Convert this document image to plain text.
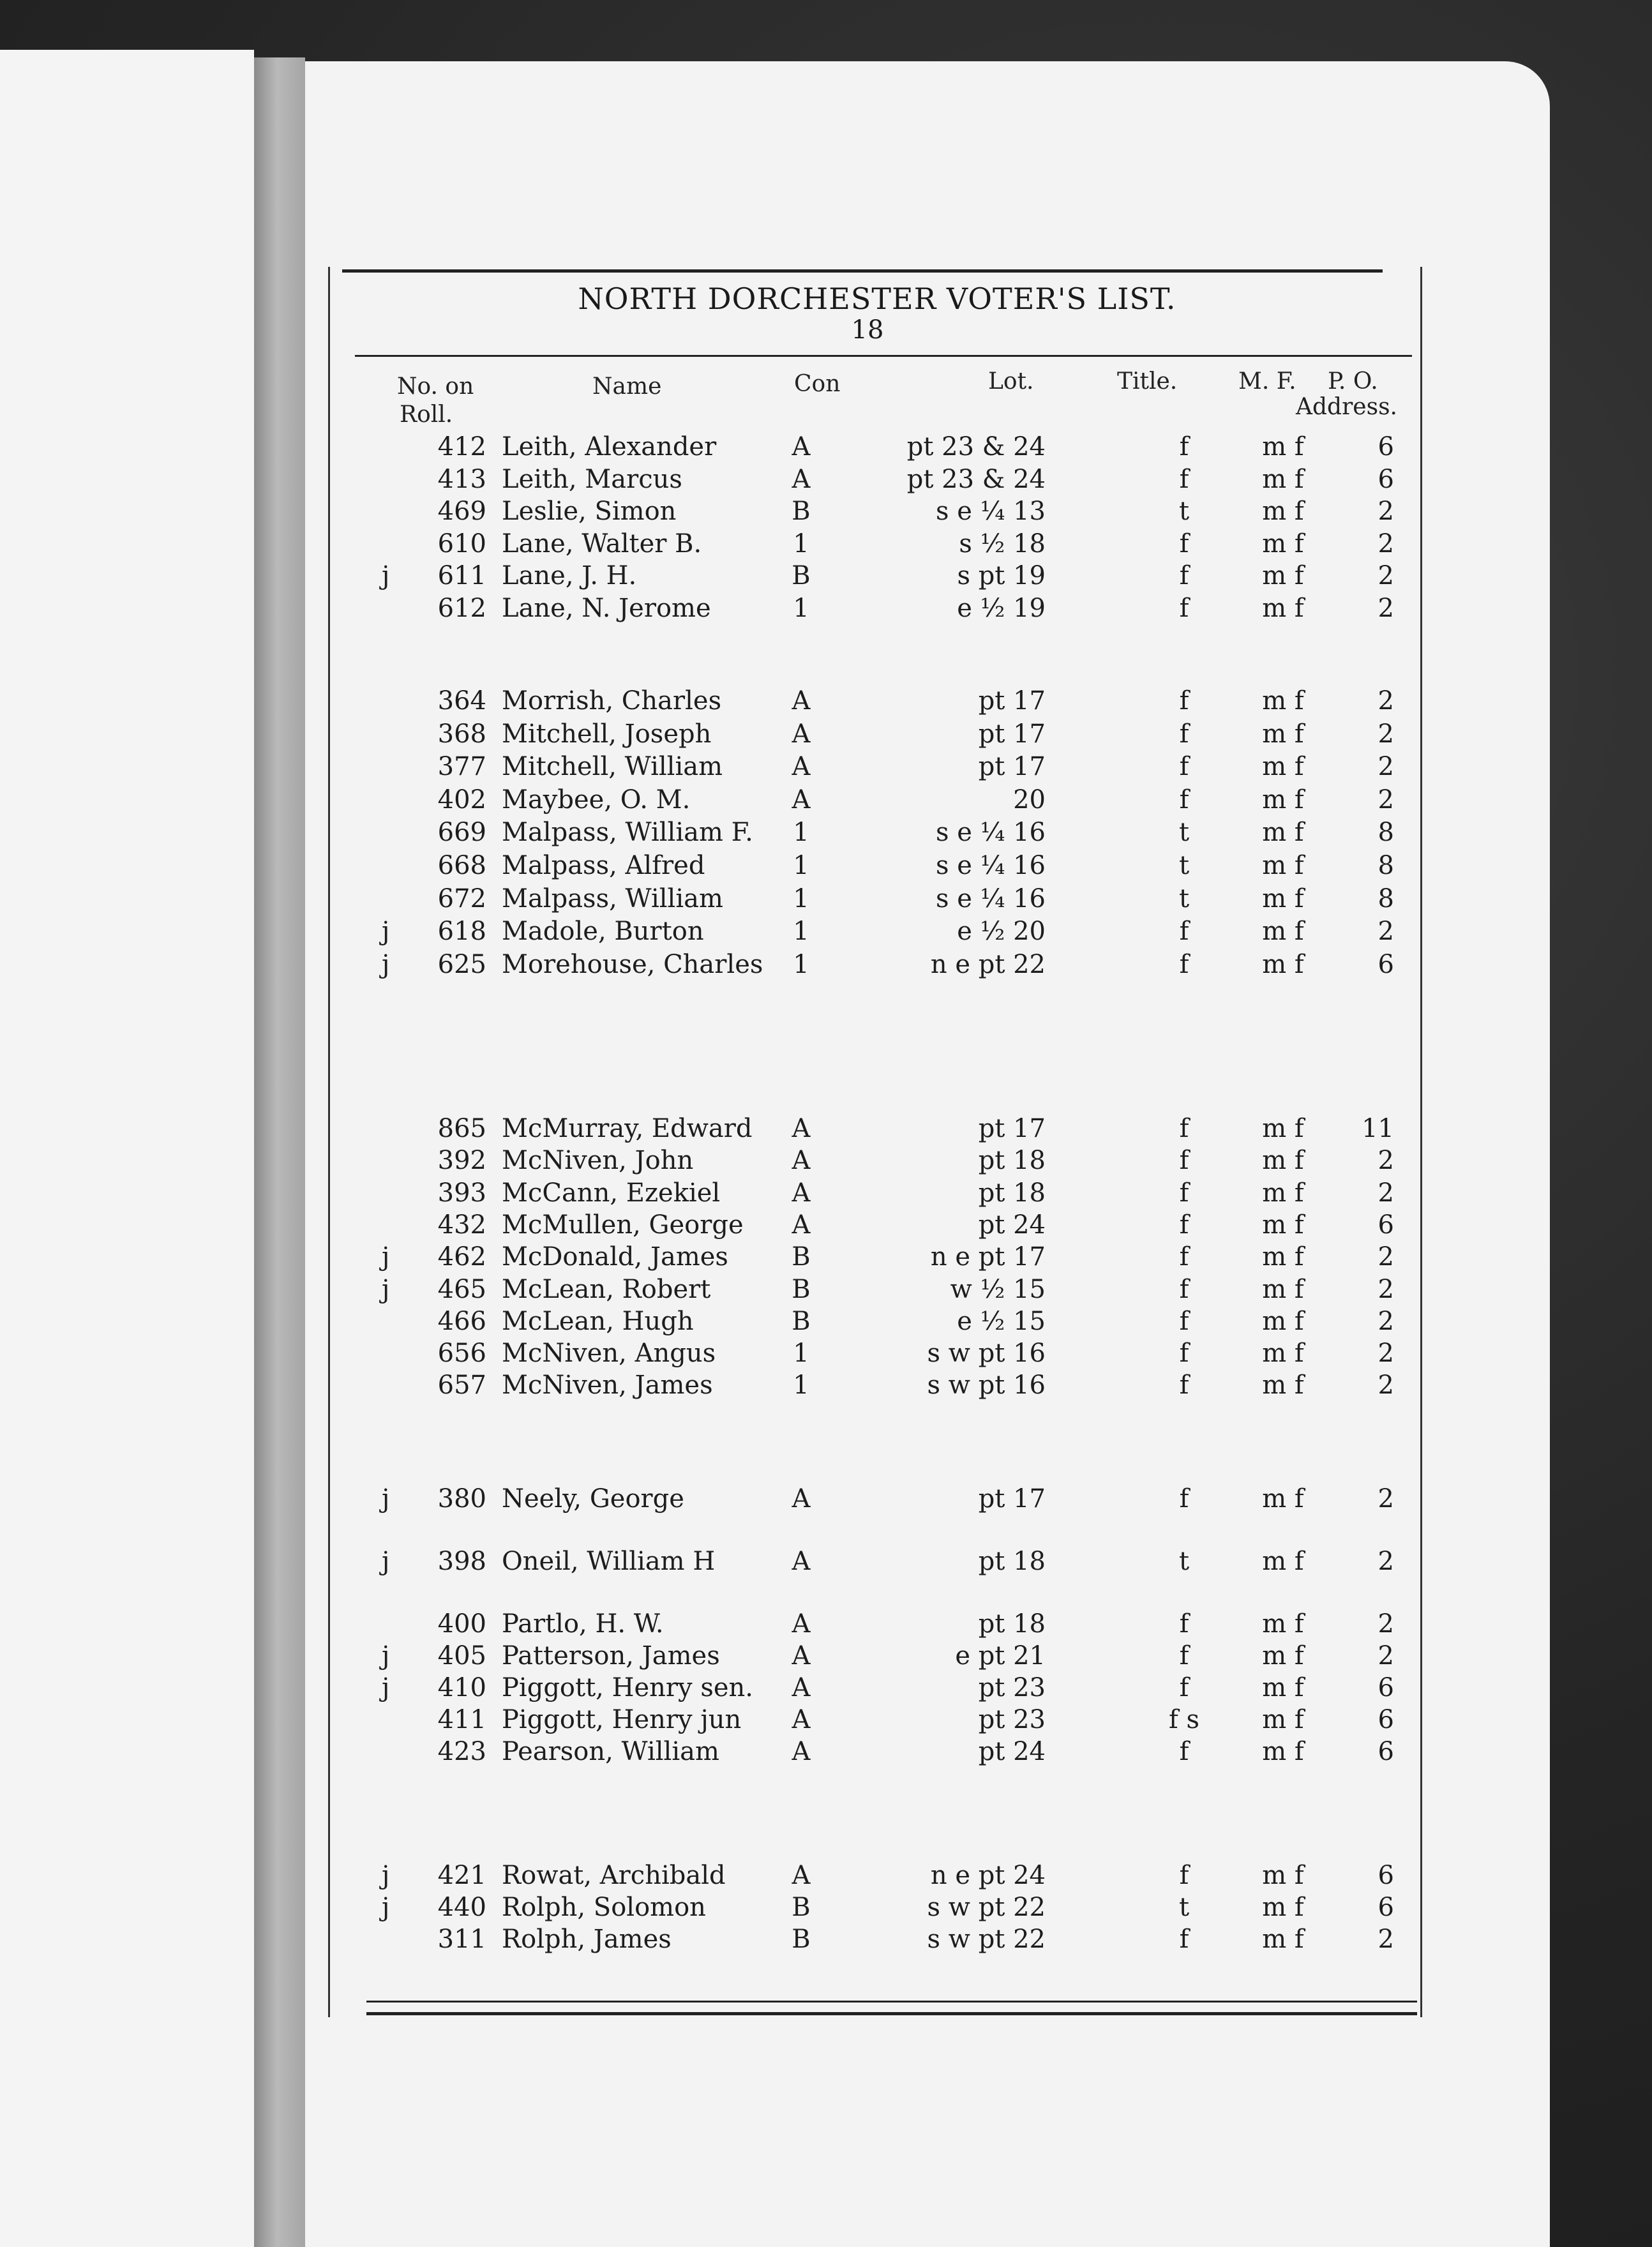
NORTH DORCHESTER VOTER'S LIST.
18
No. on
Roll.
Name	Con	Lot.	Title.	M. F. P. O.
Address.
412 Leith, Alexander	A	pt 23 & 24	f	m f	6
413 Leith, Marcus	A	pt 23 & 24	f	m f	6
469 Leslie, Simon	B	s e ¼ 13	t	m f	2
610 Lane, Walter B.	1	s ½ 18	f	m f	2
j	611 Lane, J. H.	B	s pt 19	f	m f	2
612 Lane, N. Jerome	1	e ½ 19	f	m f	2
364 Morrish, Charles	A	pt 17	f	m f	2
368 Mitchell, Joseph	A	pt 17	f	m f	2
377 Mitchell, William	A	pt 17	f	m f	2
402 Maybee, O. M.	A	20	f	m f	2
669 Malpass, William F.	1	s e ¼ 16	t	m f	8
668 Malpass, Alfred	1	s e ¼ 16	t	m f	8
672 Malpass, William	1	s e ¼ 16	t	m f	8
j	618 Madole, Burton	1	e ½ 20	f	m f	2
j	625 Morehouse, Charles	1	n e pt 22	f	m f	6
865 McMurray, Edward	A	pt 17	f	m f	11
392 McNiven, John	A	pt 18	f	m f	2
393 McCann, Ezekiel	A	pt 18	f	m f	2
432 McMullen, George	A	pt 24	f	m f	6
j	462 McDonald, James	B	n e pt 17	f	m f	2
j	465 McLean, Robert	B	w ½ 15	f	m f	2
466 McLean, Hugh	B	e ½ 15	f	m f	2
656 McNiven, Angus	1	s w pt 16	f	m f	2
657 McNiven, James	1	s w pt 16	f	m f	2
j	380 Neely, George	A	pt 17	f	m f	2
j	398 Oneil, William H	A	pt 18	t	m f	2
400 Partlo, H. W.	A	pt 18	f	m f	2
j	405 Patterson, James	A	e pt 21	f	m f	2
j	410 Piggott, Henry sen.	A	pt 23	f	m f	6
411 Piggott, Henry jun	A	pt 23	f s	m f	6
423 Pearson, William	A	pt 24	f	m f	6
j	421 Rowat, Archibald	A	n e pt 24	f	m f	6
j	440 Rolph, Solomon	B	s w pt 22	t	m f	6
311 Rolph, James	B	s w pt 22	f	m f	2
